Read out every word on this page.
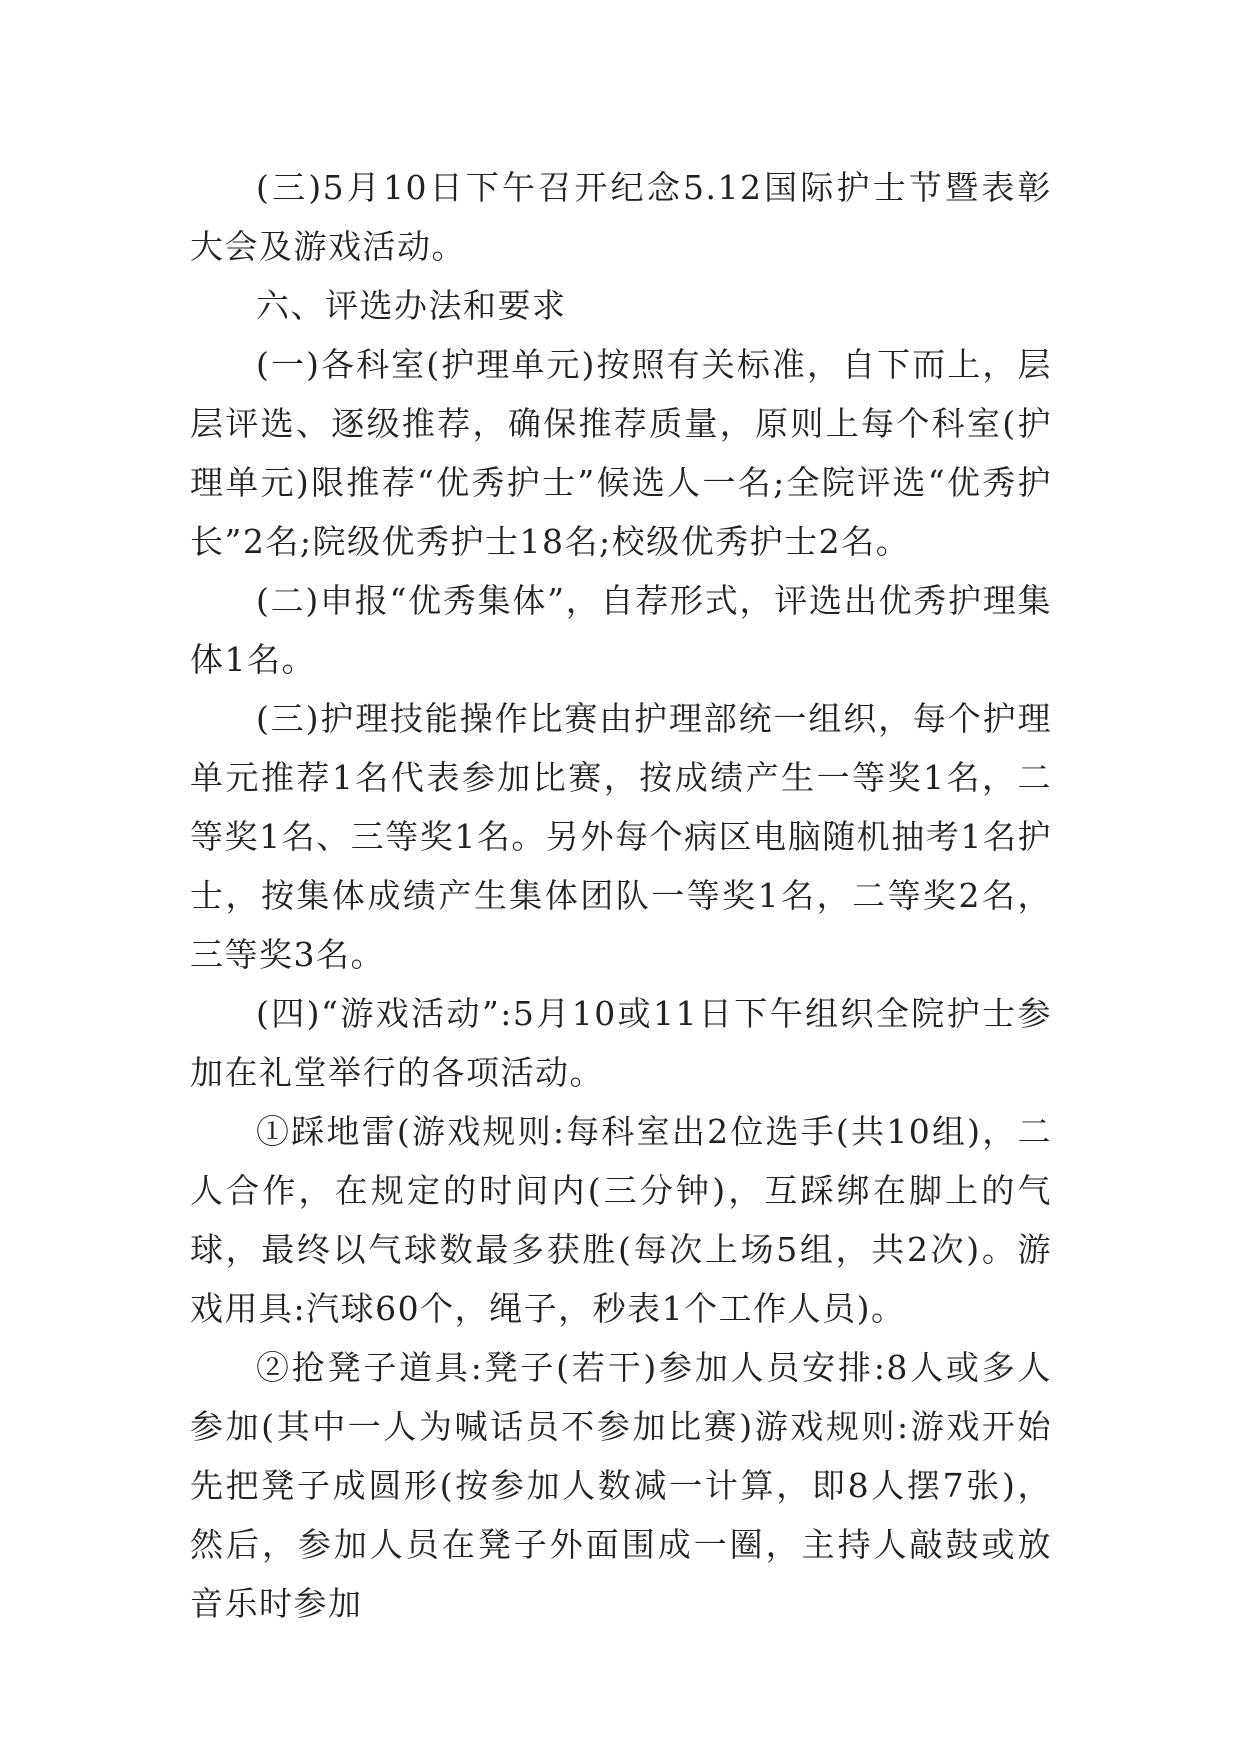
(三)5月10日下午召开纪念5.12国际护士节暨表彰大会及游戏活动。

六、评选办法和要求

(一)各科室(护理单元)按照有关标准，自下而上，层层评选、逐级推荐，确保推荐质量，原则上每个科室(护理单元)限推荐“优秀护士”候选人一名;全院评选“优秀护长”2名;院级优秀护士18名;校级优秀护士2名。

(二)申报“优秀集体”，自荐形式，评选出优秀护理集体1名。

(三)护理技能操作比赛由护理部统一组织，每个护理单元推荐1名代表参加比赛，按成绩产生一等奖1名，二等奖1名、三等奖1名。另外每个病区电脑随机抽考1名护士，按集体成绩产生集体团队一等奖1名，二等奖2名，三等奖3名。

(四)“游戏活动”:5月10或11日下午组织全院护士参加在礼堂举行的各项活动。

①踩地雷(游戏规则:每科室出2位选手(共10组)，二人合作，在规定的时间内(三分钟)，互踩绑在脚上的气球，最终以气球数最多获胜(每次上场5组，共2次)。游戏用具:汽球60个，绳子，秒表1个工作人员)。

②抢凳子道具:凳子(若干)参加人员安排:8人或多人参加(其中一人为喊话员不参加比赛)游戏规则:游戏开始先把凳子成圆形(按参加人数减一计算，即8人摆7张)，然后，参加人员在凳子外面围成一圈，主持人敲鼓或放音乐时参加
